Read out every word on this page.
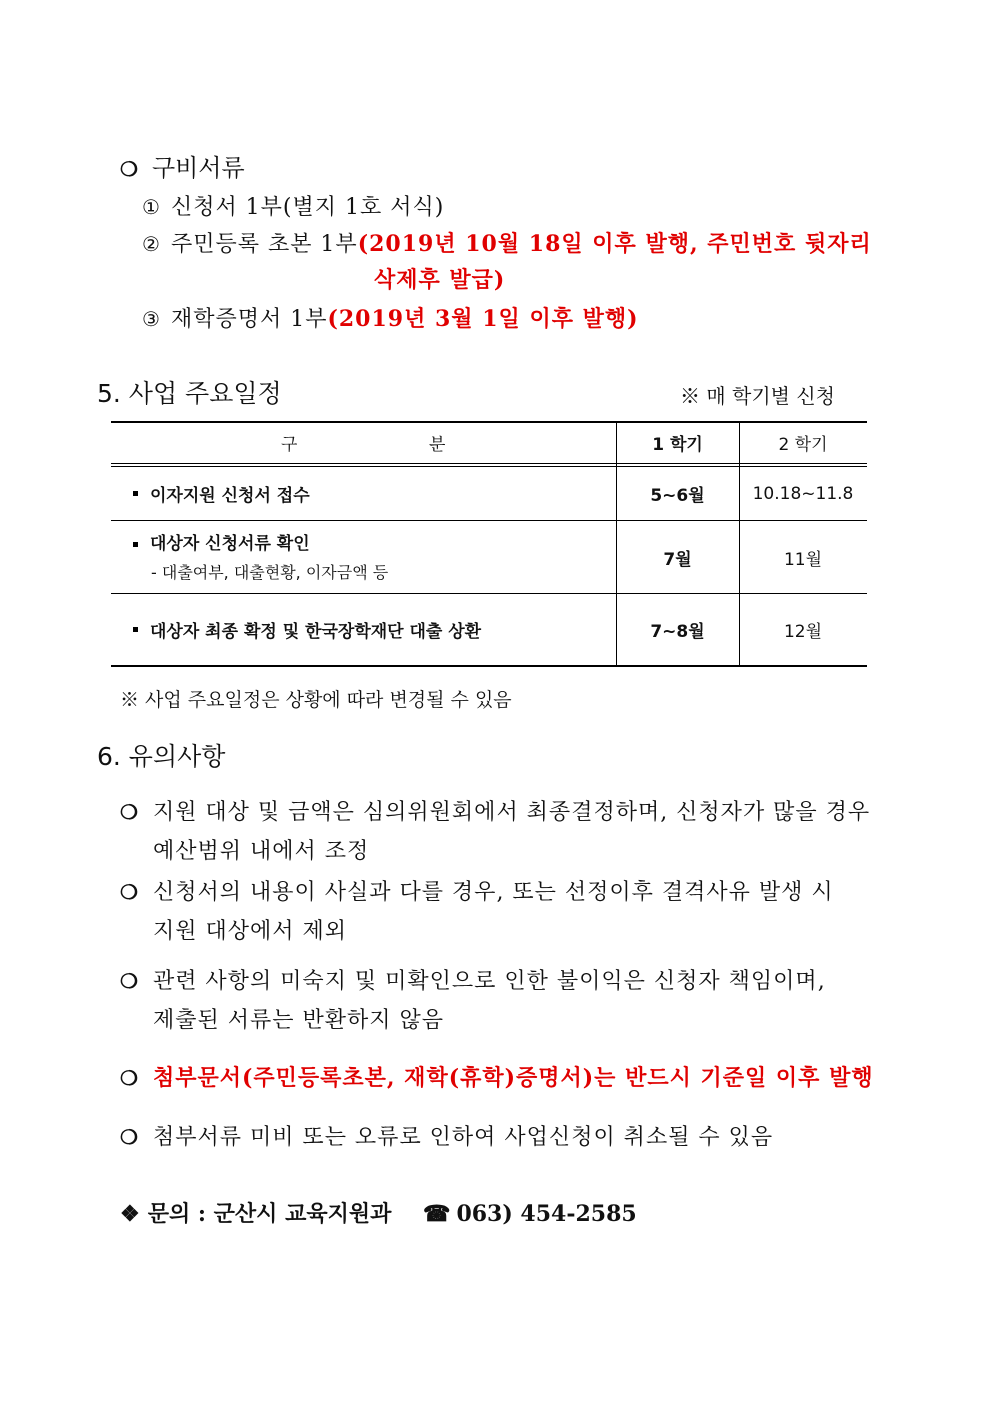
❍ 구비서류
① 신청서 1부(별지 1호 서식)
② 주민등록 초본 1부(2019년 10월 18일 이후 발행, 주민번호 뒷자리
삭제후 발급)
③ 재학증명서 1부(2019년 3월 1일 이후 발행)
5. 사업 주요일정	※ 매 학기별 신청
구	분	1 학기	2 학기
이자지원 신청서 접수	5~6월	10.18~11.8
대상자 신청서류 확인
- 대출여부, 대출현황, 이자금액 등
7월	11월
대상자 최종 확정 및 한국장학재단 대출 상환	7~8월	12월
※ 사업 주요일정은 상황에 따라 변경될 수 있음
6. 유의사항
❍ 지원 대상 및 금액은 심의위원회에서 최종결정하며, 신청자가 많을 경우
예산범위 내에서 조정
❍ 신청서의 내용이 사실과 다를 경우, 또는 선정이후 결격사유 발생 시
지원 대상에서 제외
❍ 관련 사항의 미숙지 및 미확인으로 인한 불이익은 신청자 책임이며,
제출된 서류는 반환하지 않음
❍ 첨부문서(주민등록초본, 재학(휴학)증명서)는 반드시 기준일 이후 발행
❍ 첨부서류 미비 또는 오류로 인하여 사업신청이 취소될 수 있음
❖ 문의 : 군산시 교육지원과 ☎ 063) 454-2585
